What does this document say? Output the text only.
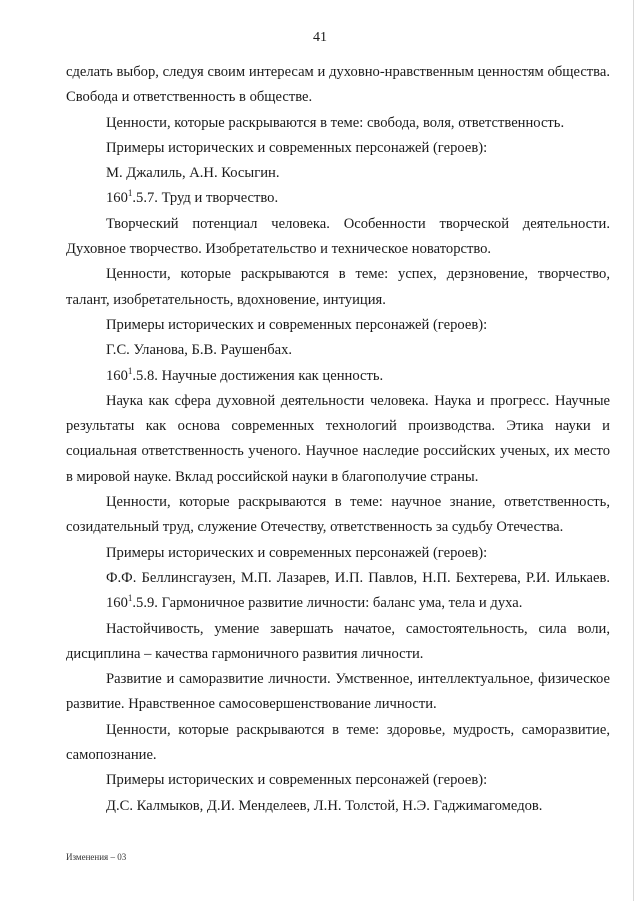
41

сделать выбор, следуя своим интересам и духовно-нравственным ценностям общества. Свобода и ответственность в обществе.

Ценности, которые раскрываются в теме: свобода, воля, ответственность.

Примеры исторических и современных персонажей (героев):

М. Джалиль, А.Н. Косыгин.

$160^1.5.7$. Труд и творчество.

Творческий потенциал человека. Особенности творческой деятельности. Духовное творчество. Изобретательство и техническое новаторство.

Ценности, которые раскрываются в теме: успех, дерзновение, творчество, талант, изобретательность, вдохновение, интуиция.

Примеры исторических и современных персонажей (героев):

Г.С. Уланова, Б.В. Раушенбах.

$160^1.5.8$. Научные достижения как ценность.

Наука как сфера духовной деятельности человека. Наука и прогресс. Научные результаты как основа современных технологий производства. Этика науки и социальная ответственность ученого. Научное наследие российских ученых, их место в мировой науке. Вклад российской науки в благополучие страны.

Ценности, которые раскрываются в теме: научное знание, ответственность, созидательный труд, служение Отечеству, ответственность за судьбу Отечества.

Примеры исторических и современных персонажей (героев):

Ф.Ф. Беллинсгаузен, М.П. Лазарев, И.П. Павлов, Н.П. Бехтерева, Р.И. Илькаев.

$160^1.5.9$. Гармоничное развитие личности: баланс ума, тела и духа.

Настойчивость, умение завершать начатое, самостоятельность, сила воли, дисциплина – качества гармоничного развития личности.

Развитие и саморазвитие личности. Умственное, интеллектуальное, физическое развитие. Нравственное самосовершенствование личности.

Ценности, которые раскрываются в теме: здоровье, мудрость, саморазвитие, самопознание.

Примеры исторических и современных персонажей (героев):

Д.С. Калмыков, Д.И. Менделеев, Л.Н. Толстой, Н.Э. Гаджимагомедов.

Изменения – 03
